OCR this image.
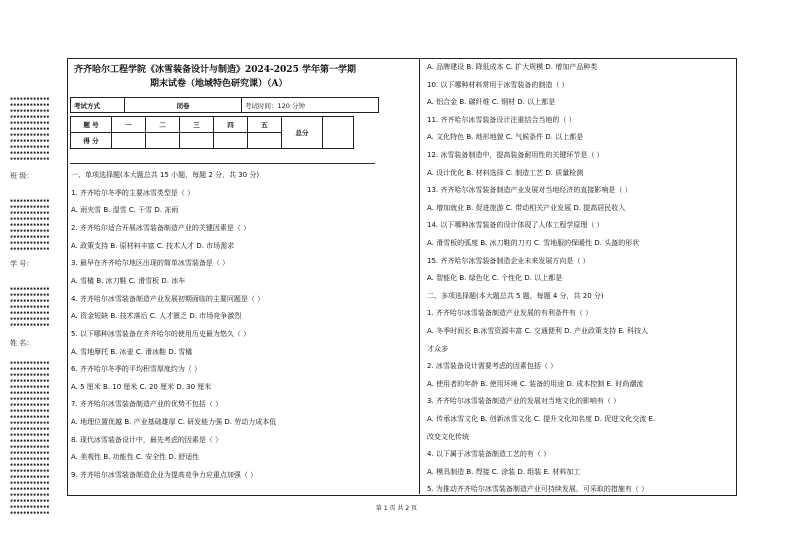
▪▪▪▪▪▪▪▪▪▪▪▪
▪▪▪▪▪▪▪▪▪▪▪▪
▪▪▪▪▪▪▪▪▪▪▪▪
▪▪▪▪▪▪▪▪▪▪▪▪
▪▪▪▪▪▪▪▪▪▪▪▪
▪▪▪▪▪▪▪▪▪▪▪▪
▪▪▪▪▪▪▪▪▪▪▪▪
▪▪▪▪▪▪▪▪▪▪▪▪
▪▪▪▪▪▪▪▪▪▪▪▪
▪▪▪▪▪▪▪▪▪▪▪▪
▪▪▪▪▪▪▪▪▪▪▪▪
班 级：
▪▪▪▪▪▪▪▪▪▪▪▪
▪▪▪▪▪▪▪▪▪▪▪▪
▪▪▪▪▪▪▪▪▪▪▪▪
▪▪▪▪▪▪▪▪▪▪▪▪
▪▪▪▪▪▪▪▪▪▪▪▪
▪▪▪▪▪▪▪▪▪▪▪▪
▪▪▪▪▪▪▪▪▪▪▪▪
▪▪▪▪▪▪▪▪▪▪▪▪
▪▪▪▪▪▪▪▪▪▪▪▪
学 号：
▪▪▪▪▪▪▪▪▪▪▪▪
▪▪▪▪▪▪▪▪▪▪▪▪
▪▪▪▪▪▪▪▪▪▪▪▪
▪▪▪▪▪▪▪▪▪▪▪▪
▪▪▪▪▪▪▪▪▪▪▪▪
▪▪▪▪▪▪▪▪▪▪▪▪
▪▪▪▪▪▪▪▪▪▪▪▪
姓 名：
▪▪▪▪▪▪▪▪▪▪▪▪
▪▪▪▪▪▪▪▪▪▪▪▪
▪▪▪▪▪▪▪▪▪▪▪▪
▪▪▪▪▪▪▪▪▪▪▪▪
▪▪▪▪▪▪▪▪▪▪▪▪
▪▪▪▪▪▪▪▪▪▪▪▪
▪▪▪▪▪▪▪▪▪▪▪▪
▪▪▪▪▪▪▪▪▪▪▪▪
▪▪▪▪▪▪▪▪▪▪▪▪
▪▪▪▪▪▪▪▪▪▪▪▪
▪▪▪▪▪▪▪▪▪▪▪▪
▪▪▪▪▪▪▪▪▪▪▪▪
▪▪▪▪▪▪▪▪▪▪▪▪
▪▪▪▪▪▪▪▪▪▪▪▪
▪▪▪▪▪▪▪▪▪▪▪▪
▪▪▪▪▪▪▪▪▪▪▪▪
▪▪▪▪▪▪▪▪▪▪▪▪
▪▪▪▪▪▪▪▪▪▪▪▪
▪▪▪▪▪▪▪▪▪▪▪▪
▪▪▪▪▪▪▪▪▪▪▪▪
▪▪▪▪▪▪▪▪▪▪▪▪
▪▪▪▪▪▪▪▪▪▪▪▪
▪▪▪▪▪▪▪▪▪▪▪▪
▪▪▪▪▪▪▪▪▪▪▪▪
▪▪▪▪▪▪▪▪▪▪▪▪
▪▪▪▪▪▪▪▪▪▪▪▪
齐齐哈尔工程学院《冰雪装备设计与制造》2024-2025 学年第一学期
期末试卷（地域特色研究课）（A）
考试方式	闭卷	考试时间：120 分钟
题 号	一	二	三	四	五	总分	
得 分							
一、单项选择题(本大题总共 15 小题，每题 2 分，共 30 分)
1. 齐齐哈尔冬季的主要冰雪类型是（ ）
A. 雨夹雪 B. 湿雪 C. 干雪 D. 冻雨
2. 齐齐哈尔适合开展冰雪装备制造产业的关键因素是（ ）
A. 政策支持 B. 原材料丰富 C. 技术人才 D. 市场需求
3. 最早在齐齐哈尔地区出现的简单冰雪装备是（ ）
A. 雪橇 B. 冰刀鞋 C. 滑雪板 D. 冰车
4. 齐齐哈尔冰雪装备制造产业发展初期面临的主要问题是（ ）
A. 资金短缺 B. 技术落后 C. 人才匮乏 D. 市场竞争激烈
5. 以下哪种冰雪装备在齐齐哈尔的使用历史最为悠久（ ）
A. 雪地摩托 B. 冰壶 C. 滑冰鞋 D. 雪橇
6. 齐齐哈尔冬季的平均积雪厚度约为（ ）
A. 5 厘米 B. 10 厘米 C. 20 厘米 D. 30 厘米
7. 齐齐哈尔冰雪装备制造产业的优势不包括（ ）
A. 地理位置优越 B. 产业基础雄厚 C. 研发能力强 D. 劳动力成本低
8. 现代冰雪装备设计中，最先考虑的因素是（ ）
A. 美观性 B. 功能性 C. 安全性 D. 舒适性
9. 齐齐哈尔冰雪装备制造企业为提高竞争力应重点加强（ ）
A. 品牌建设 B. 降低成本 C. 扩大规模 D. 增加产品种类
10. 以下哪种材料常用于冰雪装备的制造（ ）
A. 铝合金 B. 碳纤维 C. 钢材 D. 以上都是
11. 齐齐哈尔冰雪装备设计注重结合当地的（ ）
A. 文化特色 B. 地形地貌 C. 气候条件 D. 以上都是
12. 冰雪装备制造中，提高装备耐用性的关键环节是（ ）
A. 设计优化 B. 材料选择 C. 制造工艺 D. 质量检测
13. 齐齐哈尔冰雪装备制造产业发展对当地经济的直接影响是（ ）
A. 增加就业 B. 促进旅游 C. 带动相关产业发展 D. 提高居民收入
14. 以下哪种冰雪装备的设计体现了人体工程学原理（ ）
A. 滑雪板的弧度 B. 冰刀鞋的刀刃 C. 雪地服的保暖性 D. 头盔的形状
15. 齐齐哈尔冰雪装备制造企业未来发展方向是（ ）
A. 智能化 B. 绿色化 C. 个性化 D. 以上都是
二、多项选择题(本大题总共 5 题，每题 4 分，共 20 分)
1. 齐齐哈尔冰雪装备制造产业发展的有利条件有（ ）
A. 冬季时间长 B.冰雪资源丰富 C. 交通便利 D. 产业政策支持 E. 科技人
才众多
2. 冰雪装备设计需要考虑的因素包括（ ）
A. 使用者的年龄 B. 使用环境 C. 装备的用途 D. 成本控制 E. 时尚潮流
3. 齐齐哈尔冰雪装备制造产业的发展对当地文化的影响有（ ）
A. 传承冰雪文化 B. 创新冰雪文化 C. 提升文化知名度 D. 促进文化交流 E.
改变文化传统
4. 以下属于冰雪装备制造工艺的有（ ）
A. 模具制造 B. 焊接 C. 涂装 D. 组装 E. 材料加工
5. 为推动齐齐哈尔冰雪装备制造产业可持续发展，可采取的措施有（ ）
第 1 页 共 2 页
